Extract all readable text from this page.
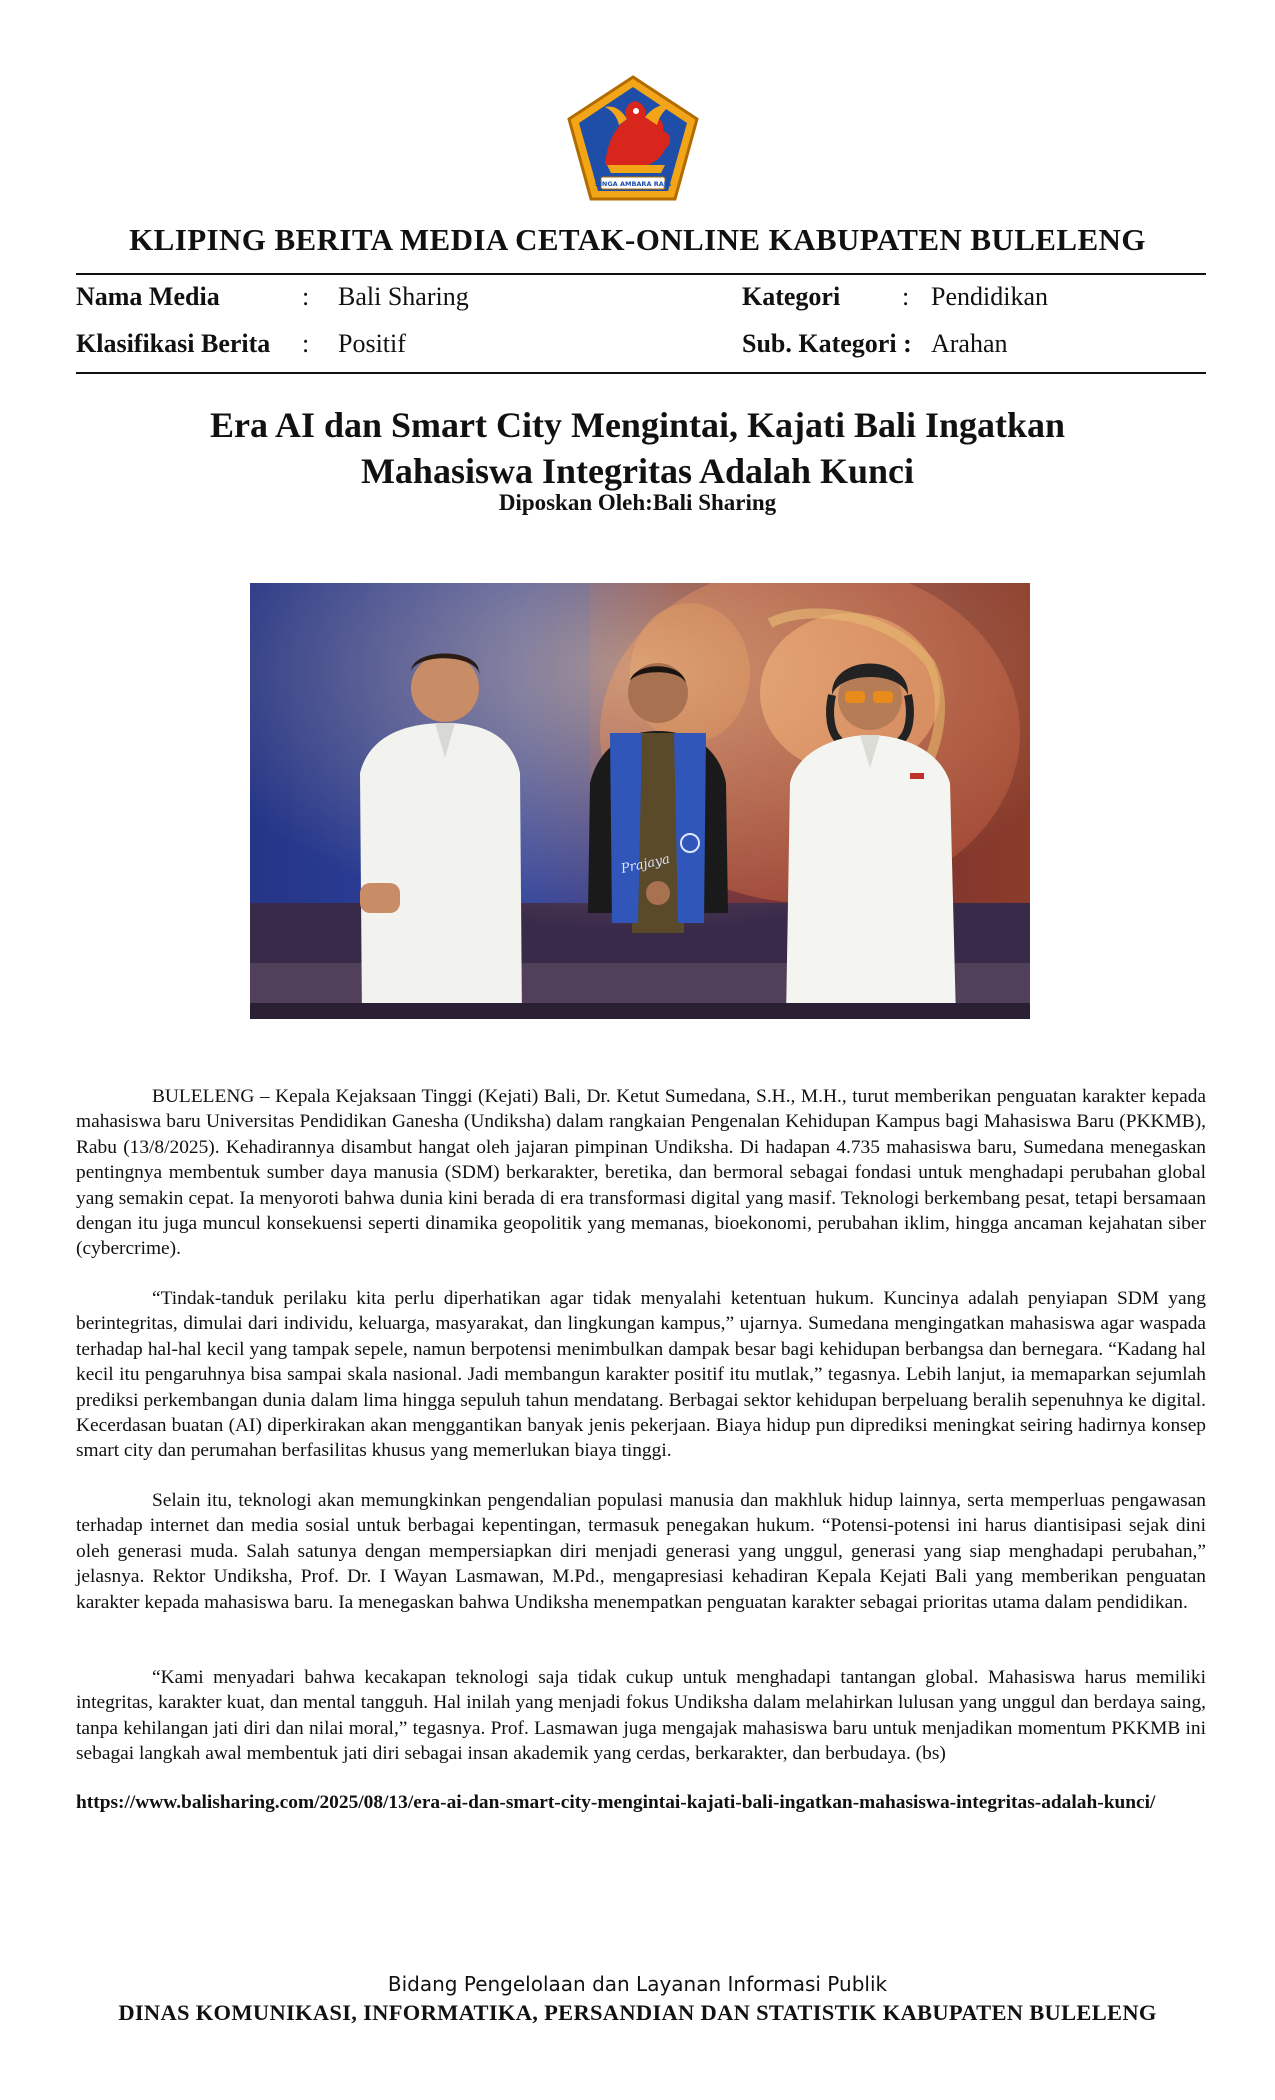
SINGA AMBARA RAJA
KLIPING BERITA MEDIA CETAK-ONLINE KABUPATEN BULELENG
Nama Media	: Bali Sharing
Klasifikasi Berita : Positif
Kategori : Pendidikan
Sub. Kategori : Arahan
Era AI dan Smart City Mengintai, Kajati Bali Ingatkan
Mahasiswa Integritas Adalah Kunci
Diposkan Oleh:Bali Sharing
Prajaya

BULELENG – Kepala Kejaksaan Tinggi (Kejati) Bali, Dr. Ketut Sumedana, S.H., M.H., turut memberikan penguatan karakter kepada mahasiswa baru Universitas Pendidikan Ganesha (Undiksha) dalam rangkaian Pengenalan Kehidupan Kampus bagi Mahasiswa Baru (PKKMB), Rabu (13/8/2025). Kehadirannya disambut hangat oleh jajaran pimpinan Undiksha. Di hadapan 4.735 mahasiswa baru, Sumedana menegaskan pentingnya membentuk sumber daya manusia (SDM) berkarakter, beretika, dan bermoral sebagai fondasi untuk menghadapi perubahan global yang semakin cepat. Ia menyoroti bahwa dunia kini berada di era transformasi digital yang masif. Teknologi berkembang pesat, tetapi bersamaan dengan itu juga muncul konsekuensi seperti dinamika geopolitik yang memanas, bioekonomi, perubahan iklim, hingga ancaman kejahatan siber (cybercrime).

“Tindak-tanduk perilaku kita perlu diperhatikan agar tidak menyalahi ketentuan hukum. Kuncinya adalah penyiapan SDM yang berintegritas, dimulai dari individu, keluarga, masyarakat, dan lingkungan kampus,” ujarnya. Sumedana mengingatkan mahasiswa agar waspada terhadap hal-hal kecil yang tampak sepele, namun berpotensi menimbulkan dampak besar bagi kehidupan berbangsa dan bernegara. “Kadang hal kecil itu pengaruhnya bisa sampai skala nasional. Jadi membangun karakter positif itu mutlak,” tegasnya. Lebih lanjut, ia memaparkan sejumlah prediksi perkembangan dunia dalam lima hingga sepuluh tahun mendatang. Berbagai sektor kehidupan berpeluang beralih sepenuhnya ke digital. Kecerdasan buatan (AI) diperkirakan akan menggantikan banyak jenis pekerjaan. Biaya hidup pun diprediksi meningkat seiring hadirnya konsep smart city dan perumahan berfasilitas khusus yang memerlukan biaya tinggi.

Selain itu, teknologi akan memungkinkan pengendalian populasi manusia dan makhluk hidup lainnya, serta memperluas pengawasan terhadap internet dan media sosial untuk berbagai kepentingan, termasuk penegakan hukum. “Potensi-potensi ini harus diantisipasi sejak dini oleh generasi muda. Salah satunya dengan mempersiapkan diri menjadi generasi yang unggul, generasi yang siap menghadapi perubahan,” jelasnya. Rektor Undiksha, Prof. Dr. I Wayan Lasmawan, M.Pd., mengapresiasi kehadiran Kepala Kejati Bali yang memberikan penguatan karakter kepada mahasiswa baru. Ia menegaskan bahwa Undiksha menempatkan penguatan karakter sebagai prioritas utama dalam pendidikan.

“Kami menyadari bahwa kecakapan teknologi saja tidak cukup untuk menghadapi tantangan global. Mahasiswa harus memiliki integritas, karakter kuat, dan mental tangguh. Hal inilah yang menjadi fokus Undiksha dalam melahirkan lulusan yang unggul dan berdaya saing, tanpa kehilangan jati diri dan nilai moral,” tegasnya. Prof. Lasmawan juga mengajak mahasiswa baru untuk menjadikan momentum PKKMB ini sebagai langkah awal membentuk jati diri sebagai insan akademik yang cerdas, berkarakter, dan berbudaya. (bs)

https://www.balisharing.com/2025/08/13/era-ai-dan-smart-city-mengintai-kajati-bali-ingatkan-mahasiswa-integritas-adalah-kunci/
Bidang Pengelolaan dan Layanan Informasi Publik
DINAS KOMUNIKASI, INFORMATIKA, PERSANDIAN DAN STATISTIK KABUPATEN BULELENG
